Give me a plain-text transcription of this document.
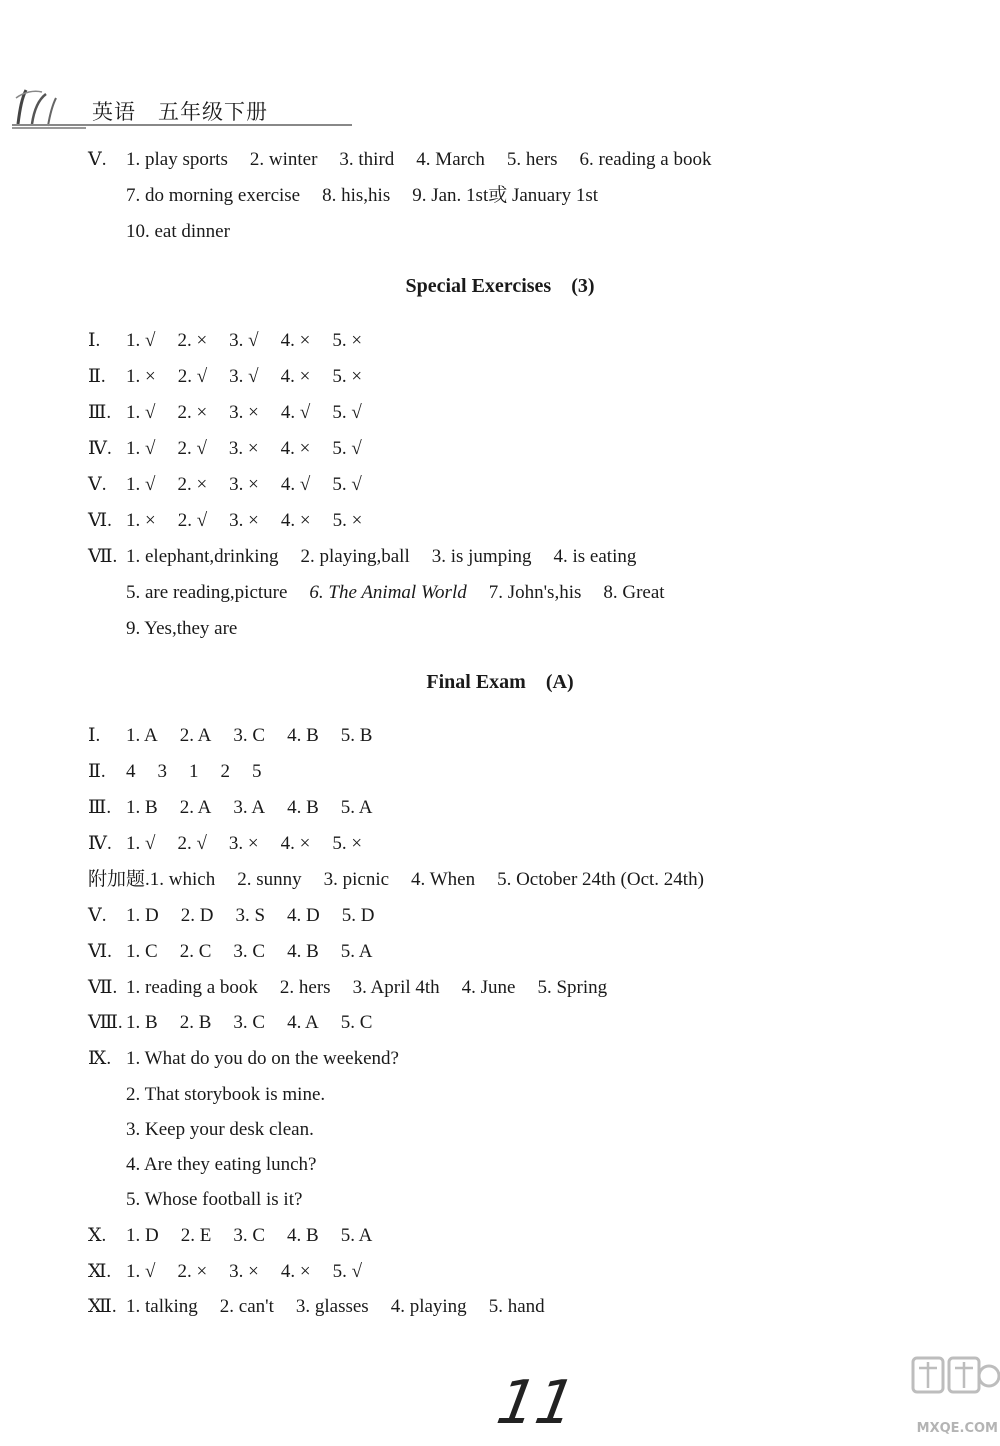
英语 五年级下册
Ⅴ. 1. play sports 2. winter 3. third 4. March 5. hers 6. reading a book
7. do morning exercise 8. his,his 9. Jan. 1st或 January 1st
10. eat dinner
Special Exercises (3)
Ⅰ. 1. √ 2. × 3. √ 4. × 5. ×
Ⅱ. 1. × 2. √ 3. √ 4. × 5. ×
Ⅲ. 1. √ 2. × 3. × 4. √ 5. √
Ⅳ. 1. √ 2. √ 3. × 4. × 5. √
Ⅴ. 1. √ 2. × 3. × 4. √ 5. √
Ⅵ. 1. × 2. √ 3. × 4. × 5. ×
Ⅶ. 1. elephant,drinking 2. playing,ball 3. is jumping 4. is eating
5. are reading,picture 6. The Animal World 7. John's,his 8. Great
9. Yes,they are
Final Exam (A)
Ⅰ. 1. A 2. A 3. C 4. B 5. B
Ⅱ. 4 3 1 2 5
Ⅲ. 1. B 2. A 3. A 4. B 5. A
Ⅳ. 1. √ 2. √ 3. × 4. × 5. ×
附加题.1. which 2. sunny 3. picnic 4. When 5. October 24th (Oct. 24th)
Ⅴ. 1. D 2. D 3. S 4. D 5. D
Ⅵ. 1. C 2. C 3. C 4. B 5. A
Ⅶ. 1. reading a book 2. hers 3. April 4th 4. June 5. Spring
Ⅷ. 1. B 2. B 3. C 4. A 5. C
Ⅸ. 1. What do you do on the weekend?
2. That storybook is mine.
3. Keep your desk clean.
4. Are they eating lunch?
5. Whose football is it?
Ⅹ. 1. D 2. E 3. C 4. B 5. A
Ⅺ. 1. √ 2. × 3. × 4. × 5. √
Ⅻ. 1. talking 2. can't 3. glasses 4. playing 5. hand
11	MXQE.COM
